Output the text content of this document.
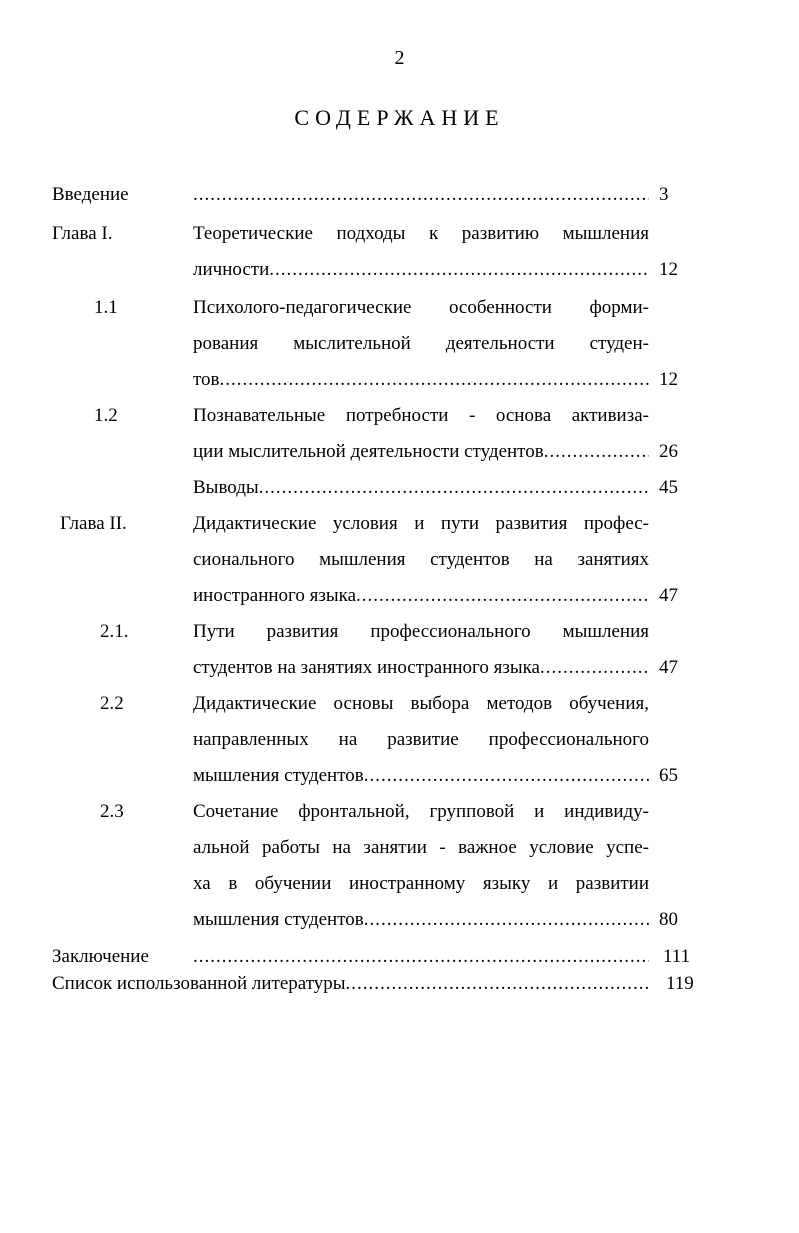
2
СОДЕРЖАНИЕ
Введение .....	3
Глава I.	Теоретические подходы к развитию мышления
личности .....	12
1.1	Психолого-педагогические особенности форми-
рования мыслительной деятельности студен-
тов .....	12
1.2	Познавательные потребности - основа активиза-
ции мыслительной деятельности студентов .....	26
Выводы .....	45
Глава II.	Дидактические условия и пути развития профес-
сионального мышления студентов на занятиях
иностранного языка .....	47
2.1.	Пути развития профессионального мышления
студентов на занятиях иностранного языка .....	47
2.2	Дидактические основы выбора методов обучения,
направленных на развитие профессионального
мышления студентов .....	65
2.3	Сочетание фронтальной, групповой и индивиду-
альной работы на занятии - важное условие успе-
ха в обучении иностранному языку и развитии
мышления студентов .....	80
Заключение .....	111
Список использованной литературы .....	119
